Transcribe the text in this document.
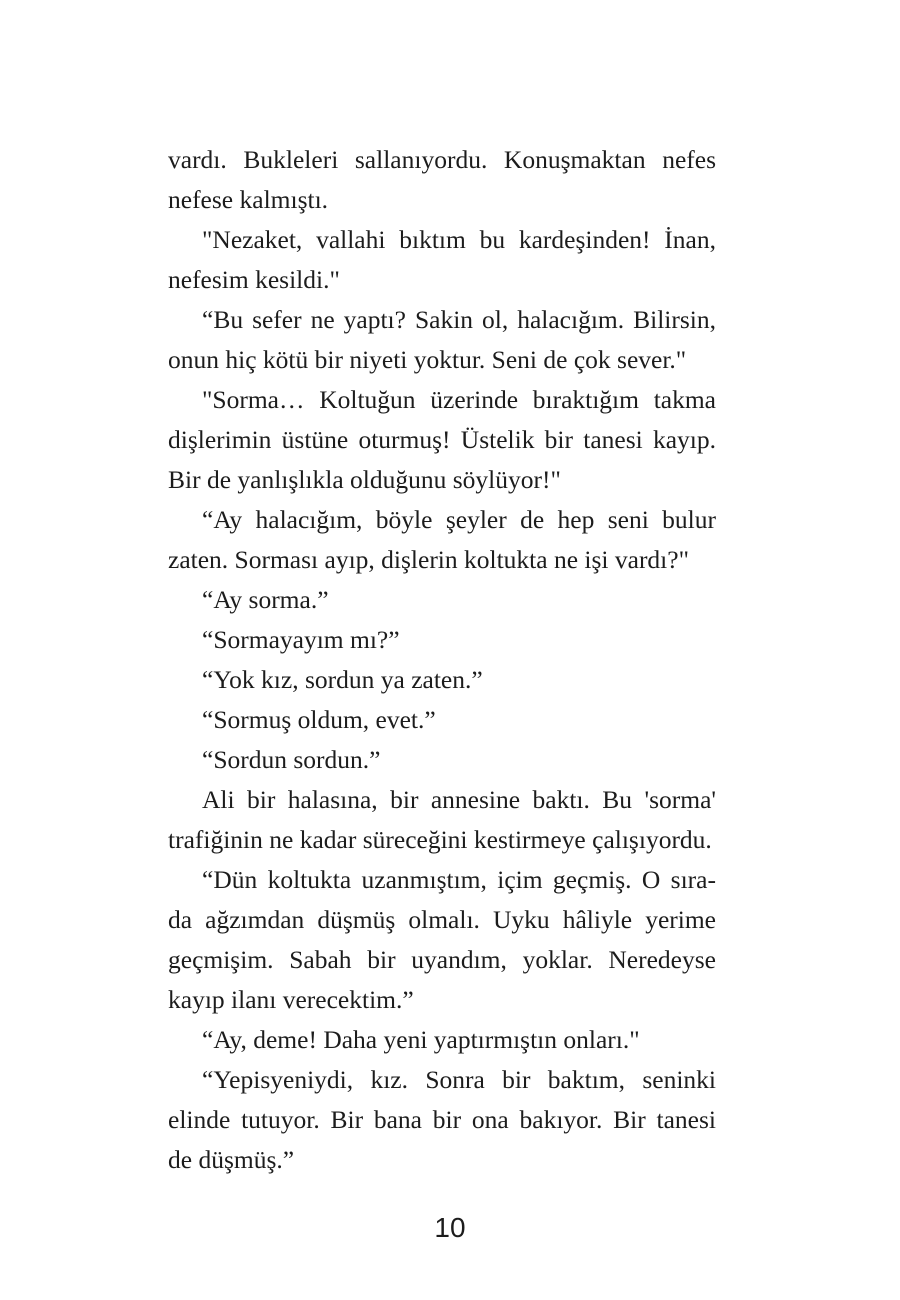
vardı. Bukleleri sallanıyordu. Konuşmaktan nefes
nefese kalmıştı.
"Nezaket, vallahi bıktım bu kardeşinden! İnan,
nefesim kesildi."
“Bu sefer ne yaptı? Sakin ol, halacığım. Bilirsin,
onun hiç kötü bir niyeti yoktur. Seni de çok sever."
"Sorma… Koltuğun üzerinde bıraktığım takma
dişlerimin üstüne oturmuş! Üstelik bir tanesi kayıp.
Bir de yanlışlıkla olduğunu söylüyor!"
“Ay halacığım, böyle şeyler de hep seni bulur
zaten. Sorması ayıp, dişlerin koltukta ne işi vardı?"
“Ay sorma.”
“Sormayayım mı?”
“Yok kız, sordun ya zaten.”
“Sormuş oldum, evet.”
“Sordun sordun.”
Ali bir halasına, bir annesine baktı. Bu 'sorma'
trafiğinin ne kadar süreceğini kestirmeye çalışıyordu.
“Dün koltukta uzanmıştım, içim geçmiş. O sıra-
da ağzımdan düşmüş olmalı. Uyku hâliyle yerime
geçmişim. Sabah bir uyandım, yoklar. Neredeyse
kayıp ilanı verecektim.”
“Ay, deme! Daha yeni yaptırmıştın onları."
“Yepisyeniydi, kız. Sonra bir baktım, seninki
elinde tutuyor. Bir bana bir ona bakıyor. Bir tanesi
de düşmüş.”
10
